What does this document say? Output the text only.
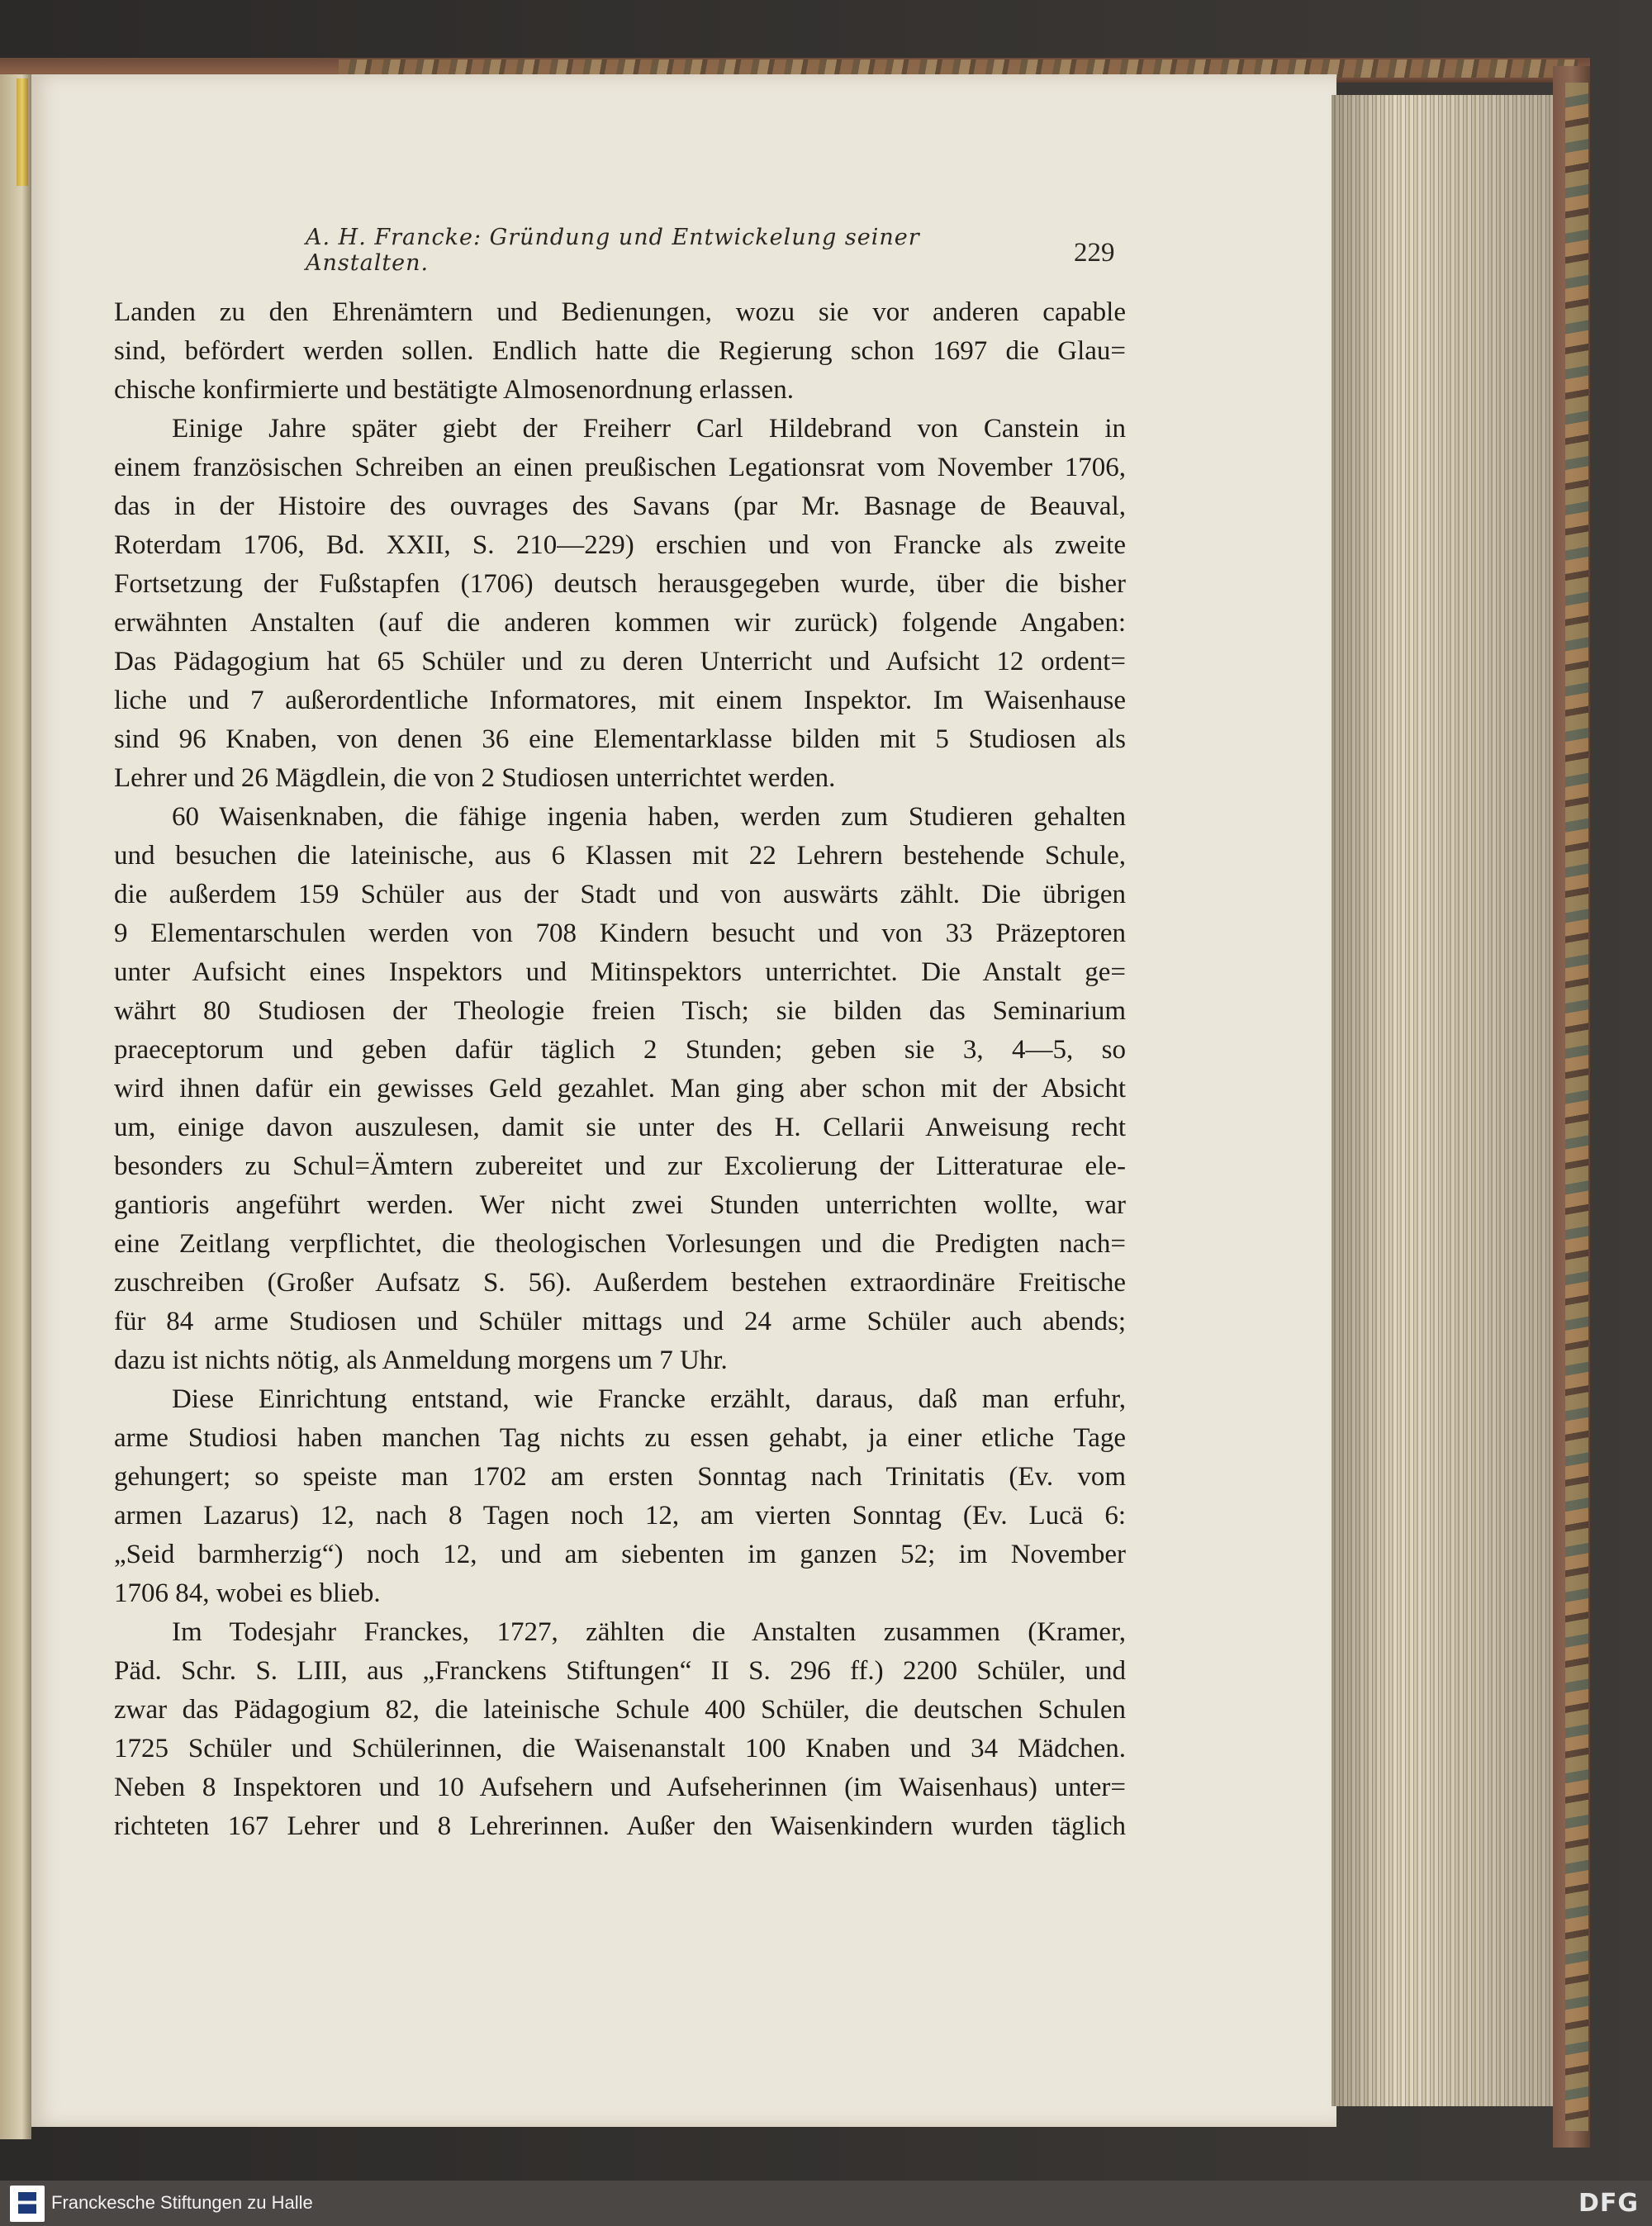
A. H. Francke: Gründung und Entwickelung seiner Anstalten.	229
Landen zu den Ehrenämtern und Bedienungen, wozu sie vor anderen capable
sind, befördert werden sollen. Endlich hatte die Regierung schon 1697 die Glau=
chische konfirmierte und bestätigte Almosenordnung erlassen.
Einige Jahre später giebt der Freiherr Carl Hildebrand von Canstein in
einem französischen Schreiben an einen preußischen Legationsrat vom November 1706,
das in der Histoire des ouvrages des Savans (par Mr. Basnage de Beauval,
Roterdam 1706, Bd. XXII, S. 210—229) erschien und von Francke als zweite
Fortsetzung der Fußstapfen (1706) deutsch herausgegeben wurde, über die bisher
erwähnten Anstalten (auf die anderen kommen wir zurück) folgende Angaben:
Das Pädagogium hat 65 Schüler und zu deren Unterricht und Aufsicht 12 ordent=
liche und 7 außerordentliche Informatores, mit einem Inspektor. Im Waisenhause
sind 96 Knaben, von denen 36 eine Elementarklasse bilden mit 5 Studiosen als
Lehrer und 26 Mägdlein, die von 2 Studiosen unterrichtet werden.
60 Waisenknaben, die fähige ingenia haben, werden zum Studieren gehalten
und besuchen die lateinische, aus 6 Klassen mit 22 Lehrern bestehende Schule,
die außerdem 159 Schüler aus der Stadt und von auswärts zählt. Die übrigen
9 Elementarschulen werden von 708 Kindern besucht und von 33 Präzeptoren
unter Aufsicht eines Inspektors und Mitinspektors unterrichtet. Die Anstalt ge=
währt 80 Studiosen der Theologie freien Tisch; sie bilden das Seminarium
praeceptorum und geben dafür täglich 2 Stunden; geben sie 3, 4—5, so
wird ihnen dafür ein gewisses Geld gezahlet. Man ging aber schon mit der Absicht
um, einige davon auszulesen, damit sie unter des H. Cellarii Anweisung recht
besonders zu Schul=Ämtern zubereitet und zur Excolierung der Litteraturae ele-
gantioris angeführt werden. Wer nicht zwei Stunden unterrichten wollte, war
eine Zeitlang verpflichtet, die theologischen Vorlesungen und die Predigten nach=
zuschreiben (Großer Aufsatz S. 56). Außerdem bestehen extraordinäre Freitische
für 84 arme Studiosen und Schüler mittags und 24 arme Schüler auch abends;
dazu ist nichts nötig, als Anmeldung morgens um 7 Uhr.
Diese Einrichtung entstand, wie Francke erzählt, daraus, daß man erfuhr,
arme Studiosi haben manchen Tag nichts zu essen gehabt, ja einer etliche Tage
gehungert; so speiste man 1702 am ersten Sonntag nach Trinitatis (Ev. vom
armen Lazarus) 12, nach 8 Tagen noch 12, am vierten Sonntag (Ev. Lucä 6:
„Seid barmherzig“) noch 12, und am siebenten im ganzen 52; im November
1706 84, wobei es blieb.
Im Todesjahr Franckes, 1727, zählten die Anstalten zusammen (Kramer,
Päd. Schr. S. LIII, aus „Franckens Stiftungen“ II S. 296 ff.) 2200 Schüler, und
zwar das Pädagogium 82, die lateinische Schule 400 Schüler, die deutschen Schulen
1725 Schüler und Schülerinnen, die Waisenanstalt 100 Knaben und 34 Mädchen.
Neben 8 Inspektoren und 10 Aufsehern und Aufseherinnen (im Waisenhaus) unter=
richteten 167 Lehrer und 8 Lehrerinnen. Außer den Waisenkindern wurden täglich
Franckesche Stiftungen zu Halle	DFG
